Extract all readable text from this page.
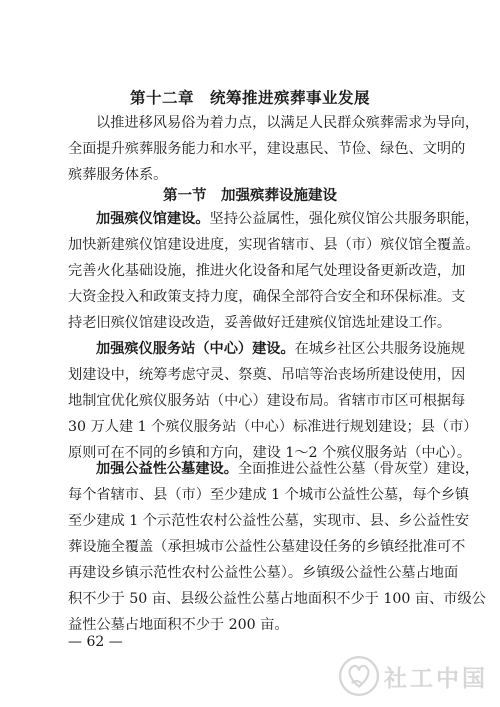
第十二章　统筹推进殡葬事业发展
以推进移风易俗为着力点，以满足人民群众殡葬需求为导向，
全面提升殡葬服务能力和水平，建设惠民、节俭、绿色、文明的
殡葬服务体系。
第一节　加强殡葬设施建设
加强殡仪馆建设。坚持公益属性，强化殡仪馆公共服务职能，
加快新建殡仪馆建设进度，实现省辖市、县（市）殡仪馆全覆盖。
完善火化基础设施，推进火化设备和尾气处理设备更新改造，加
大资金投入和政策支持力度，确保全部符合安全和环保标准。支
持老旧殡仪馆建设改造，妥善做好迁建殡仪馆选址建设工作。
加强殡仪服务站（中心）建设。在城乡社区公共服务设施规
划建设中，统筹考虑守灵、祭奠、吊唁等治丧场所建设使用，因
地制宜优化殡仪服务站（中心）建设布局。省辖市市区可根据每
30 万人建 1 个殡仪服务站（中心）标准进行规划建设；县（市）
原则可在不同的乡镇和方向，建设 1～2 个殡仪服务站（中心）。
加强公益性公墓建设。全面推进公益性公墓（骨灰堂）建设，
每个省辖市、县（市）至少建成 1 个城市公益性公墓，每个乡镇
至少建成 1 个示范性农村公益性公墓，实现市、县、乡公益性安
葬设施全覆盖（承担城市公益性公墓建设任务的乡镇经批准可不
再建设乡镇示范性农村公益性公墓）。乡镇级公益性公墓占地面
积不少于 50 亩、县级公益性公墓占地面积不少于 100 亩、市级公
益性公墓占地面积不少于 200 亩。
— 62 —
社工中国
